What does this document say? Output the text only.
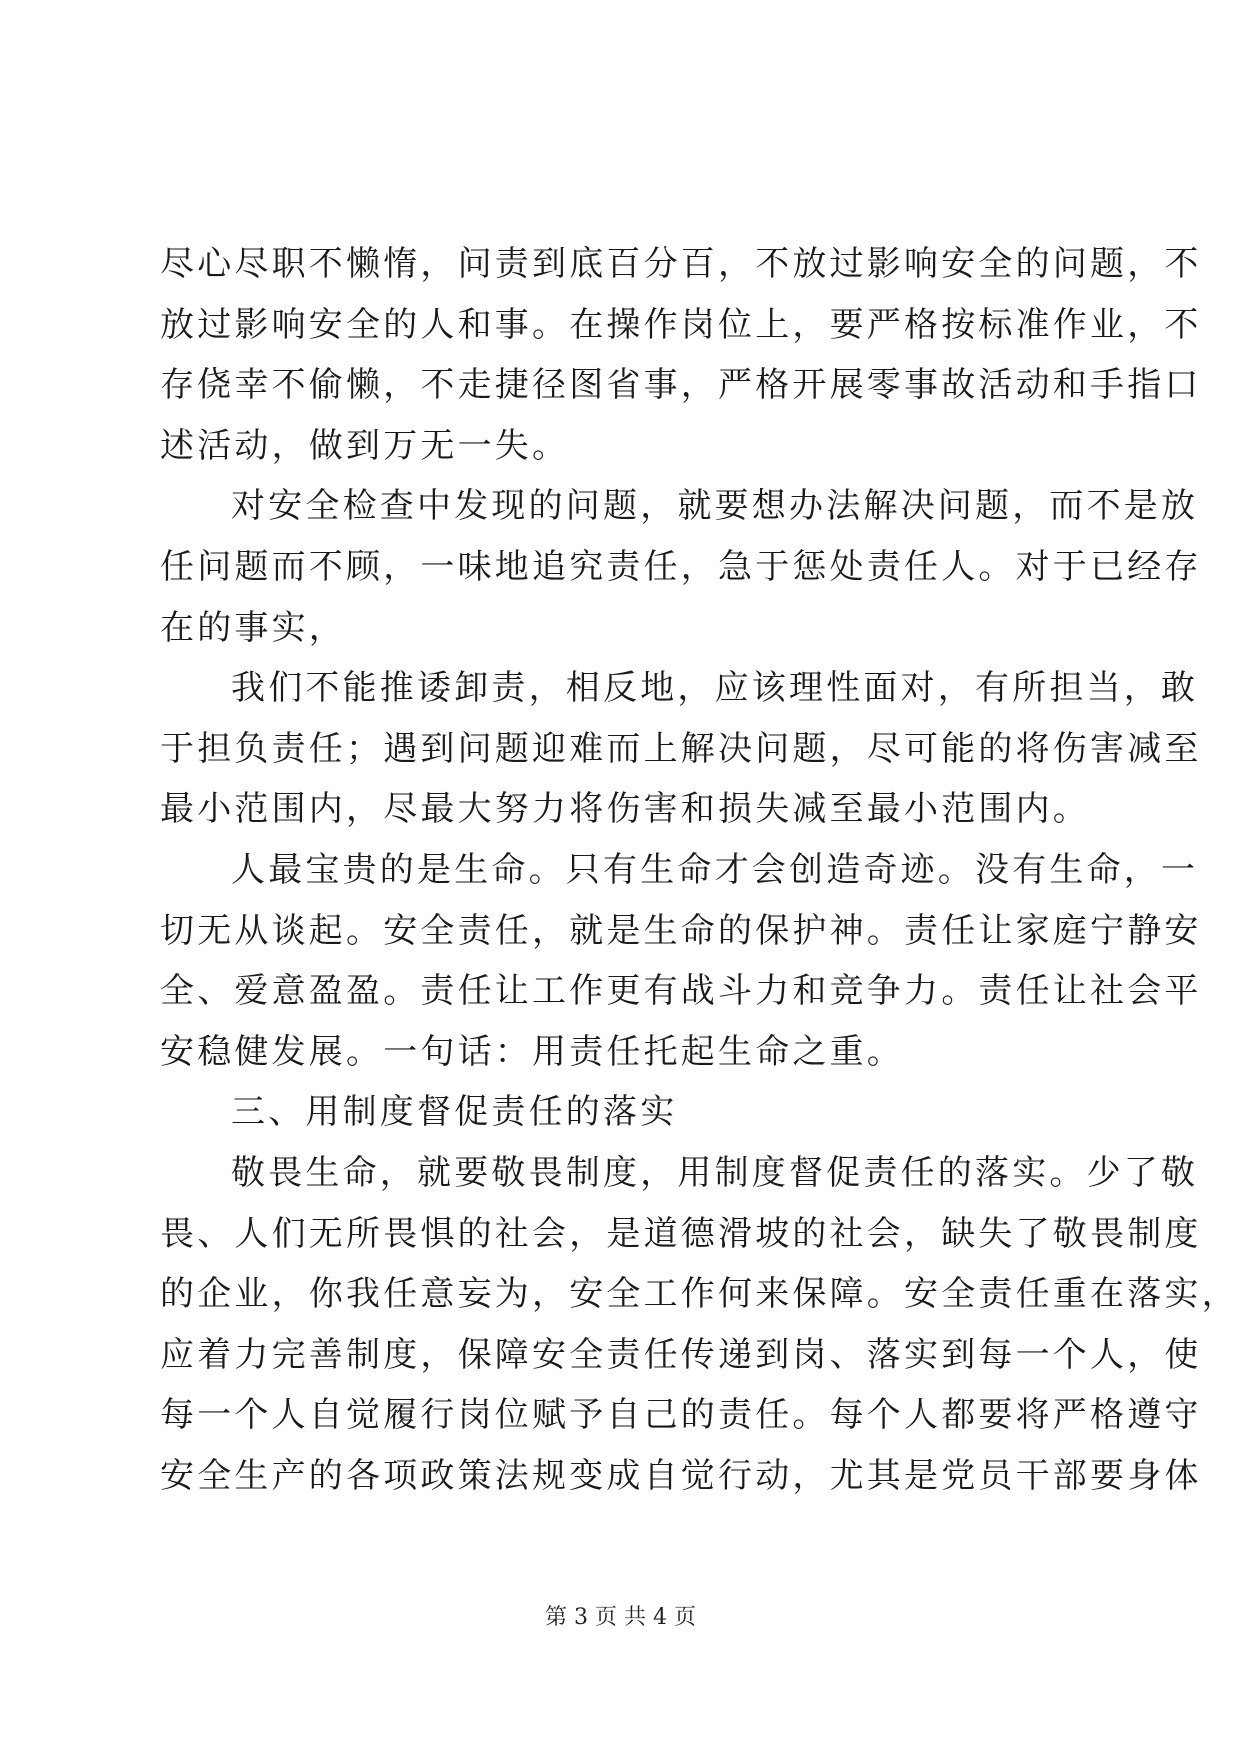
尽心尽职不懒惰，问责到底百分百，不放过影响安全的问题，不
放过影响安全的人和事。在操作岗位上，要严格按标准作业，不
存侥幸不偷懒，不走捷径图省事，严格开展零事故活动和手指口
述活动，做到万无一失。
对安全检查中发现的问题，就要想办法解决问题，而不是放
任问题而不顾，一味地追究责任，急于惩处责任人。对于已经存
在的事实，
我们不能推诿卸责，相反地，应该理性面对，有所担当，敢
于担负责任；遇到问题迎难而上解决问题，尽可能的将伤害减至
最小范围内，尽最大努力将伤害和损失减至最小范围内。
人最宝贵的是生命。只有生命才会创造奇迹。没有生命，一
切无从谈起。安全责任，就是生命的保护神。责任让家庭宁静安
全、爱意盈盈。责任让工作更有战斗力和竞争力。责任让社会平
安稳健发展。一句话：用责任托起生命之重。
三、用制度督促责任的落实
敬畏生命，就要敬畏制度，用制度督促责任的落实。少了敬
畏、人们无所畏惧的社会，是道德滑坡的社会，缺失了敬畏制度
的企业，你我任意妄为，安全工作何来保障。安全责任重在落实，
应着力完善制度，保障安全责任传递到岗、落实到每一个人，使
每一个人自觉履行岗位赋予自己的责任。每个人都要将严格遵守
安全生产的各项政策法规变成自觉行动，尤其是党员干部要身体
第 3 页 共 4 页
